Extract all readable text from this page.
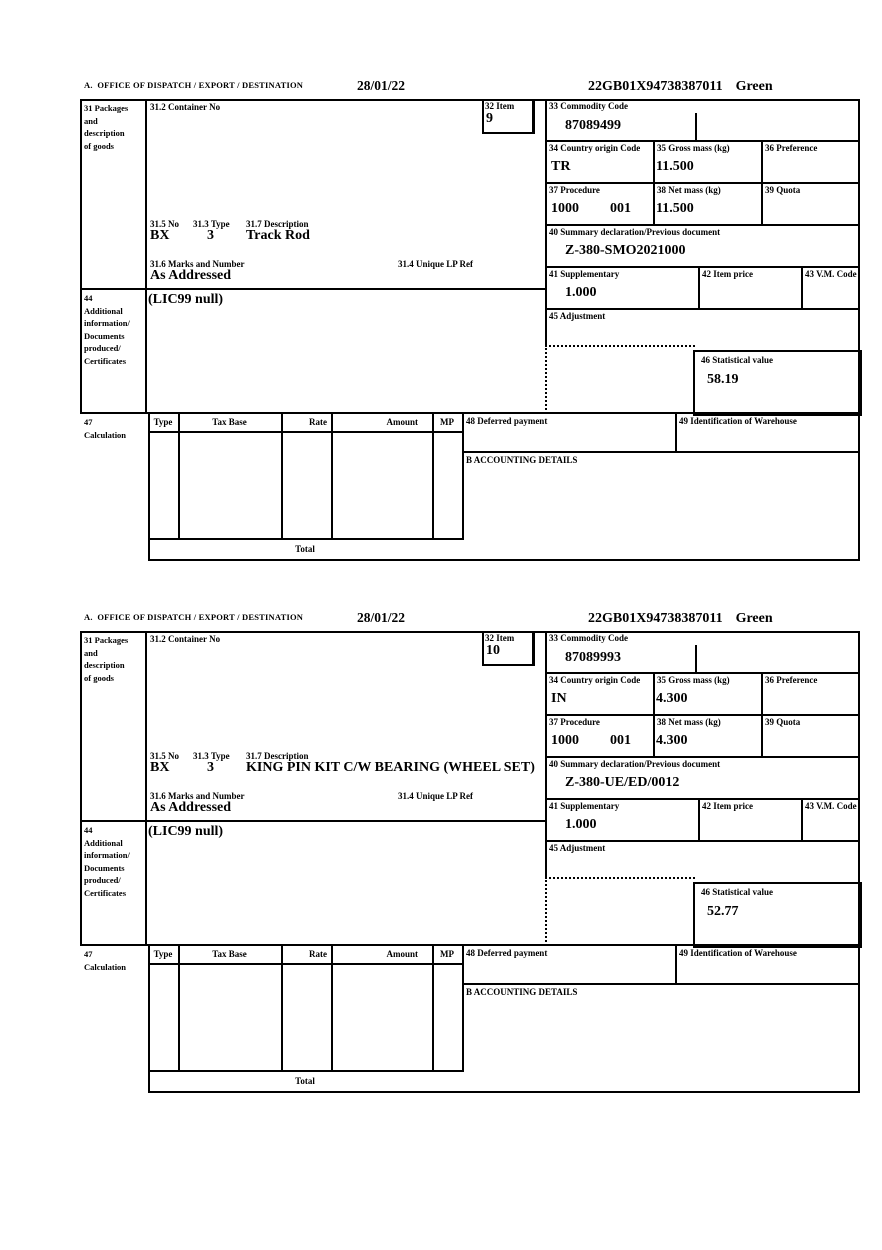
A.  OFFICE OF DISPATCH / EXPORT / DESTINATION	28/01/22	22GB01X94738387011 Green
31 Packages
and
description
of goods
44
Additional
information/
Documents
produced/
Certificates
47
Calculation
31.2 Container No	32 Item
9
31.5 No 31.3 Type 31.7 Description
BX	3 Track Rod
31.6 Marks and Number	31.4 Unique LP Ref
As Addressed
(LIC99 null)
33 Commodity Code
87089499
34 Country origin Code
TR
35 Gross mass (kg)
11.500
36 Preference
37 Procedure
1000 001
38 Net mass (kg)
11.500
39 Quota
40 Summary declaration/Previous document
Z-380-SMO2021000
41 Supplementary
1.000
42 Item price	43 V.M. Code
45 Adjustment
46 Statistical value
58.19
Type	Tax Base	Rate	Amount	MP	48 Deferred payment	49 Identification of Warehouse
B ACCOUNTING DETAILS
Total
A.  OFFICE OF DISPATCH / EXPORT / DESTINATION	28/01/22	22GB01X94738387011 Green
31 Packages
and
description
of goods
44
Additional
information/
Documents
produced/
Certificates
47
Calculation
31.2 Container No	32 Item
10
31.5 No 31.3 Type 31.7 Description
BX	3 KING PIN KIT C/W BEARING (WHEEL SET)
31.6 Marks and Number	31.4 Unique LP Ref
As Addressed
(LIC99 null)
33 Commodity Code
87089993
34 Country origin Code
IN
35 Gross mass (kg)
4.300
36 Preference
37 Procedure
1000 001
38 Net mass (kg)
4.300
39 Quota
40 Summary declaration/Previous document
Z-380-UE/ED/0012
41 Supplementary
1.000
42 Item price	43 V.M. Code
45 Adjustment
46 Statistical value
52.77
Type	Tax Base	Rate	Amount	MP	48 Deferred payment	49 Identification of Warehouse
B ACCOUNTING DETAILS
Total
